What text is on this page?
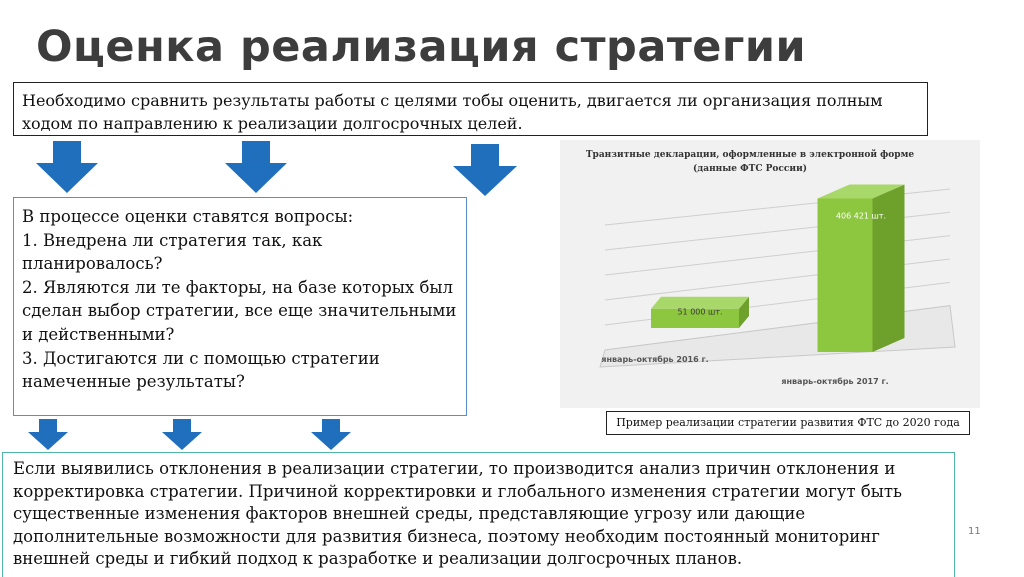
Оценка реализация стратегии
Необходимо сравнить результаты работы с целями тобы оценить, двигается ли организация полным ходом по направлению к реализации долгосрочных целей.
В процессе оценки ставятся вопросы:
1. Внедрена ли стратегия так, как
планировалось?
2. Являются ли те факторы, на базе которых был
сделан выбор стратегии, все еще значительными
и действенными?
3. Достигаются ли с помощью стратегии
намеченные результаты?
Транзитные декларации, оформленные в электронной форме
(данные ФТС России)
51 000 шт.
406 421 шт.
январь-октябрь 2016 г.
январь-октябрь 2017 г.
Пример реализации стратегии развития ФТС до 2020 года
Если выявились отклонения в реализации стратегии, то производится анализ причин отклонения и корректировка стратегии. Причиной корректировки и глобального изменения стратегии могут быть существенные изменения факторов внешней среды, представляющие угрозу или дающие дополнительные возможности для развития бизнеса, поэтому необходим постоянный мониторинг внешней среды и гибкий подход к разработке и реализации долгосрочных планов.
11
